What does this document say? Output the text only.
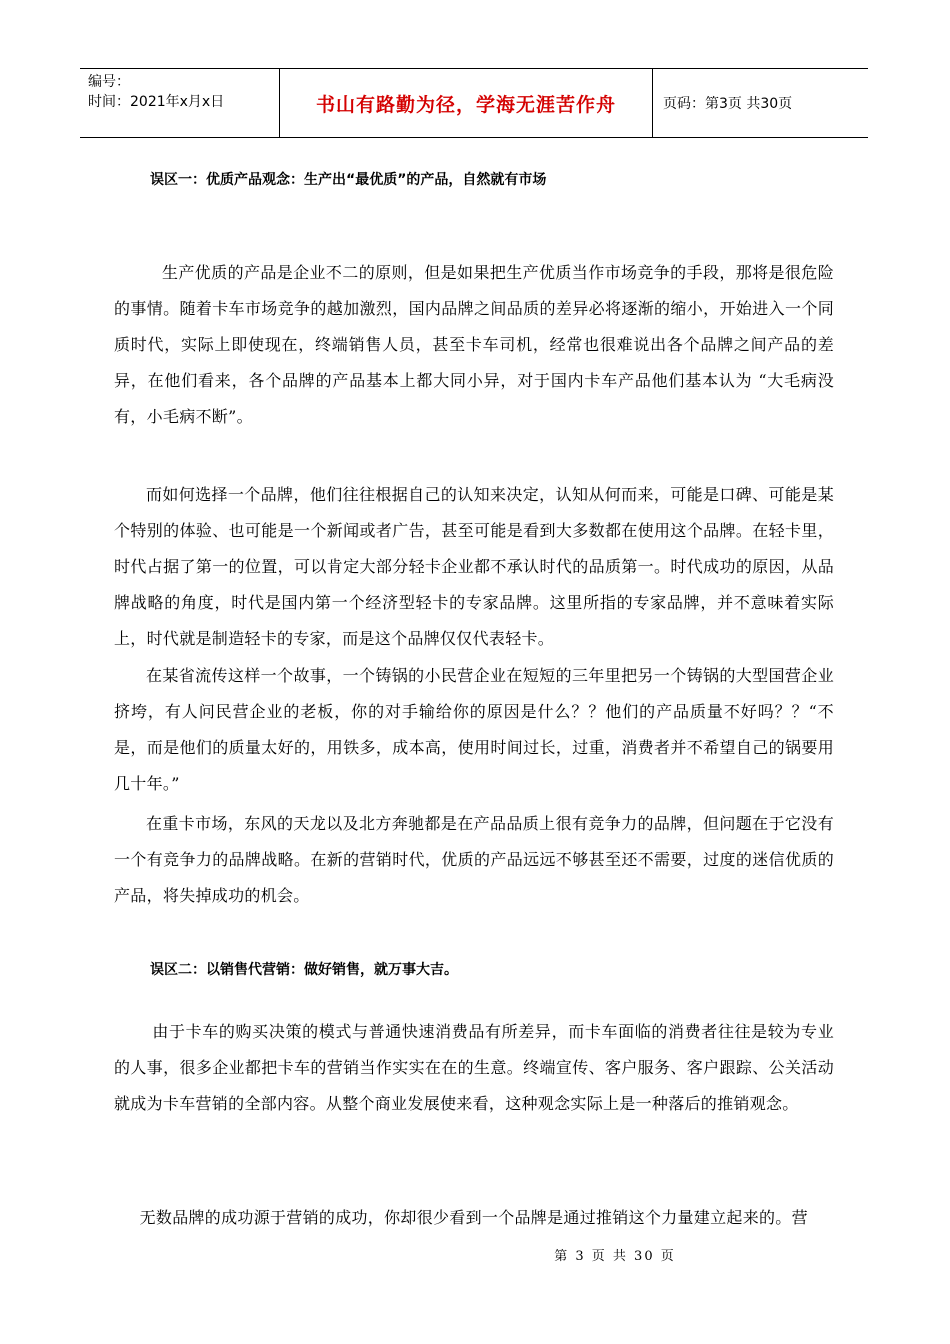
编号：
时间：2021年x月x日	书山有路勤为径，学海无涯苦作舟	页码：第3页 共30页
误区一：优质产品观念：生产出“最优质”的产品，自然就有市场

生产优质的产品是企业不二的原则，但是如果把生产优质当作市场竞争的手段，那将是很危险的事情。随着卡车市场竞争的越加激烈，国内品牌之间品质的差异必将逐渐的缩小，开始进入一个同质时代，实际上即使现在，终端销售人员，甚至卡车司机，经常也很难说出各个品牌之间产品的差异，在他们看来，各个品牌的产品基本上都大同小异，对于国内卡车产品他们基本认为 “大毛病没有，小毛病不断”。

而如何选择一个品牌，他们往往根据自己的认知来决定，认知从何而来，可能是口碑、可能是某个特别的体验、也可能是一个新闻或者广告，甚至可能是看到大多数都在使用这个品牌。在轻卡里，时代占据了第一的位置，可以肯定大部分轻卡企业都不承认时代的品质第一。时代成功的原因，从品牌战略的角度，时代是国内第一个经济型轻卡的专家品牌。这里所指的专家品牌，并不意味着实际上，时代就是制造轻卡的专家，而是这个品牌仅仅代表轻卡。

在某省流传这样一个故事，一个铸锅的小民营企业在短短的三年里把另一个铸锅的大型国营企业挤垮，有人问民营企业的老板，你的对手输给你的原因是什么？？他们的产品质量不好吗？？“不是，而是他们的质量太好的，用铁多，成本高，使用时间过长，过重，消费者并不希望自己的锅要用几十年。”

在重卡市场，东风的天龙以及北方奔驰都是在产品品质上很有竞争力的品牌，但问题在于它没有一个有竞争力的品牌战略。在新的营销时代，优质的产品远远不够甚至还不需要，过度的迷信优质的产品，将失掉成功的机会。

误区二：以销售代营销：做好销售，就万事大吉。

由于卡车的购买决策的模式与普通快速消费品有所差异，而卡车面临的消费者往往是较为专业的人事，很多企业都把卡车的营销当作实实在在的生意。终端宣传、客户服务、客户跟踪、公关活动就成为卡车营销的全部内容。从整个商业发展使来看，这种观念实际上是一种落后的推销观念。

无数品牌的成功源于营销的成功，你却很少看到一个品牌是通过推销这个力量建立起来的。营

第 3 页 共 30 页
